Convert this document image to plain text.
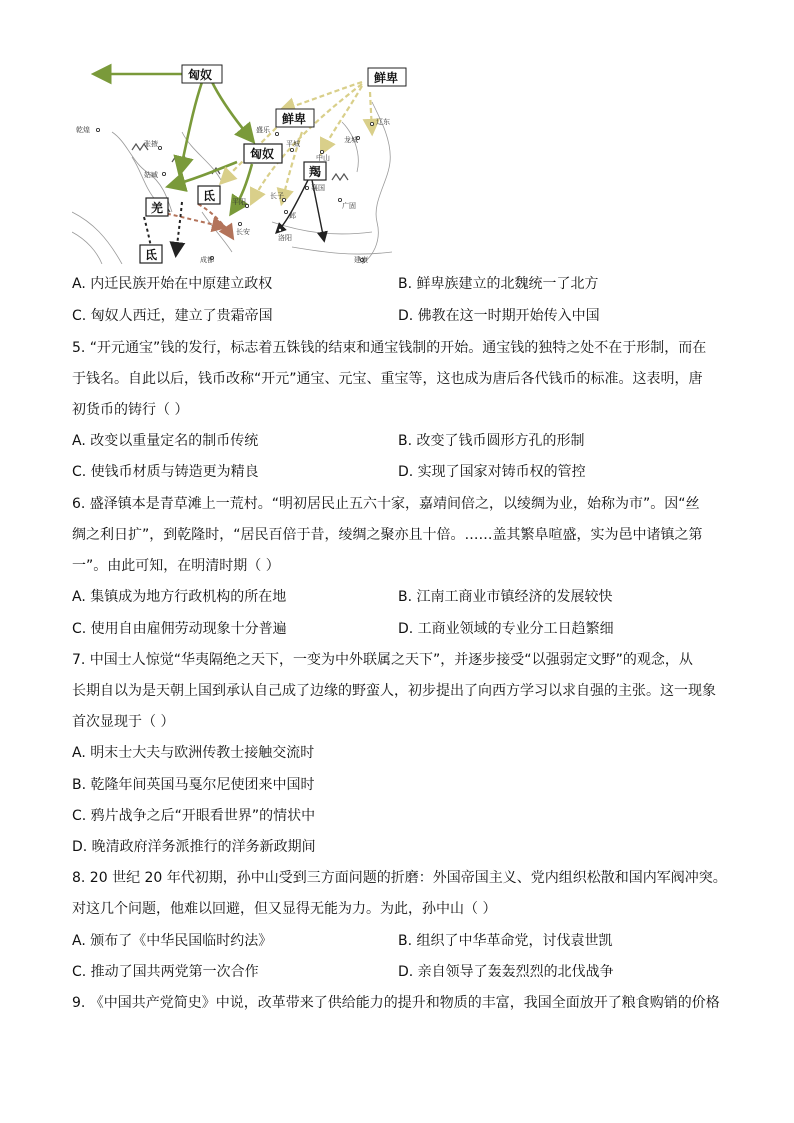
乾煌
张掖
姑臧
盛乐
平城
中山
龙城
辽东
襄国
广固
平阳
长子
邺
长安
洛阳
成都	建康
匈奴	鲜卑
鲜卑
匈奴
羯
氐
羌
氐
A. 内迁民族开始在中原建立政权	B. 鲜卑族建立的北魏统一了北方
C. 匈奴人西迁，建立了贵霜帝国	D. 佛教在这一时期开始传入中国
5. “开元通宝”钱的发行，标志着五铢钱的结束和通宝钱制的开始。通宝钱的独特之处不在于形制，而在
于钱名。自此以后，钱币改称“开元”通宝、元宝、重宝等，这也成为唐后各代钱币的标准。这表明，唐
初货币的铸行（ ）
A. 改变以重量定名的制币传统	B. 改变了钱币圆形方孔的形制
C. 使钱币材质与铸造更为精良	D. 实现了国家对铸币权的管控
6. 盛泽镇本是青草滩上一荒村。“明初居民止五六十家，嘉靖间倍之，以绫绸为业，始称为市”。因“丝
绸之利日扩”，到乾隆时，“居民百倍于昔，绫绸之聚亦且十倍。……盖其繁阜喧盛，实为邑中诸镇之第
一”。由此可知，在明清时期（ ）
A. 集镇成为地方行政机构的所在地	B. 江南工商业市镇经济的发展较快
C. 使用自由雇佣劳动现象十分普遍	D. 工商业领域的专业分工日趋繁细
7. 中国士人惊觉“华夷隔绝之天下，一变为中外联属之天下”，并逐步接受“以强弱定文野”的观念，从
长期自以为是天朝上国到承认自己成了边缘的野蛮人，初步提出了向西方学习以求自强的主张。这一现象
首次显现于（ ）
A. 明末士大夫与欧洲传教士接触交流时
B. 乾隆年间英国马戛尔尼使团来中国时
C. 鸦片战争之后“开眼看世界”的情状中
D. 晚清政府洋务派推行的洋务新政期间
8. 20 世纪 20 年代初期，孙中山受到三方面问题的折磨：外国帝国主义、党内组织松散和国内军阀冲突。
对这几个问题，他难以回避，但又显得无能为力。为此，孙中山（ ）
A. 颁布了《中华民国临时约法》	B. 组织了中华革命党，讨伐袁世凯
C. 推动了国共两党第一次合作	D. 亲自领导了轰轰烈烈的北伐战争
9. 《中国共产党简史》中说，改革带来了供给能力的提升和物质的丰富，我国全面放开了粮食购销的价格
